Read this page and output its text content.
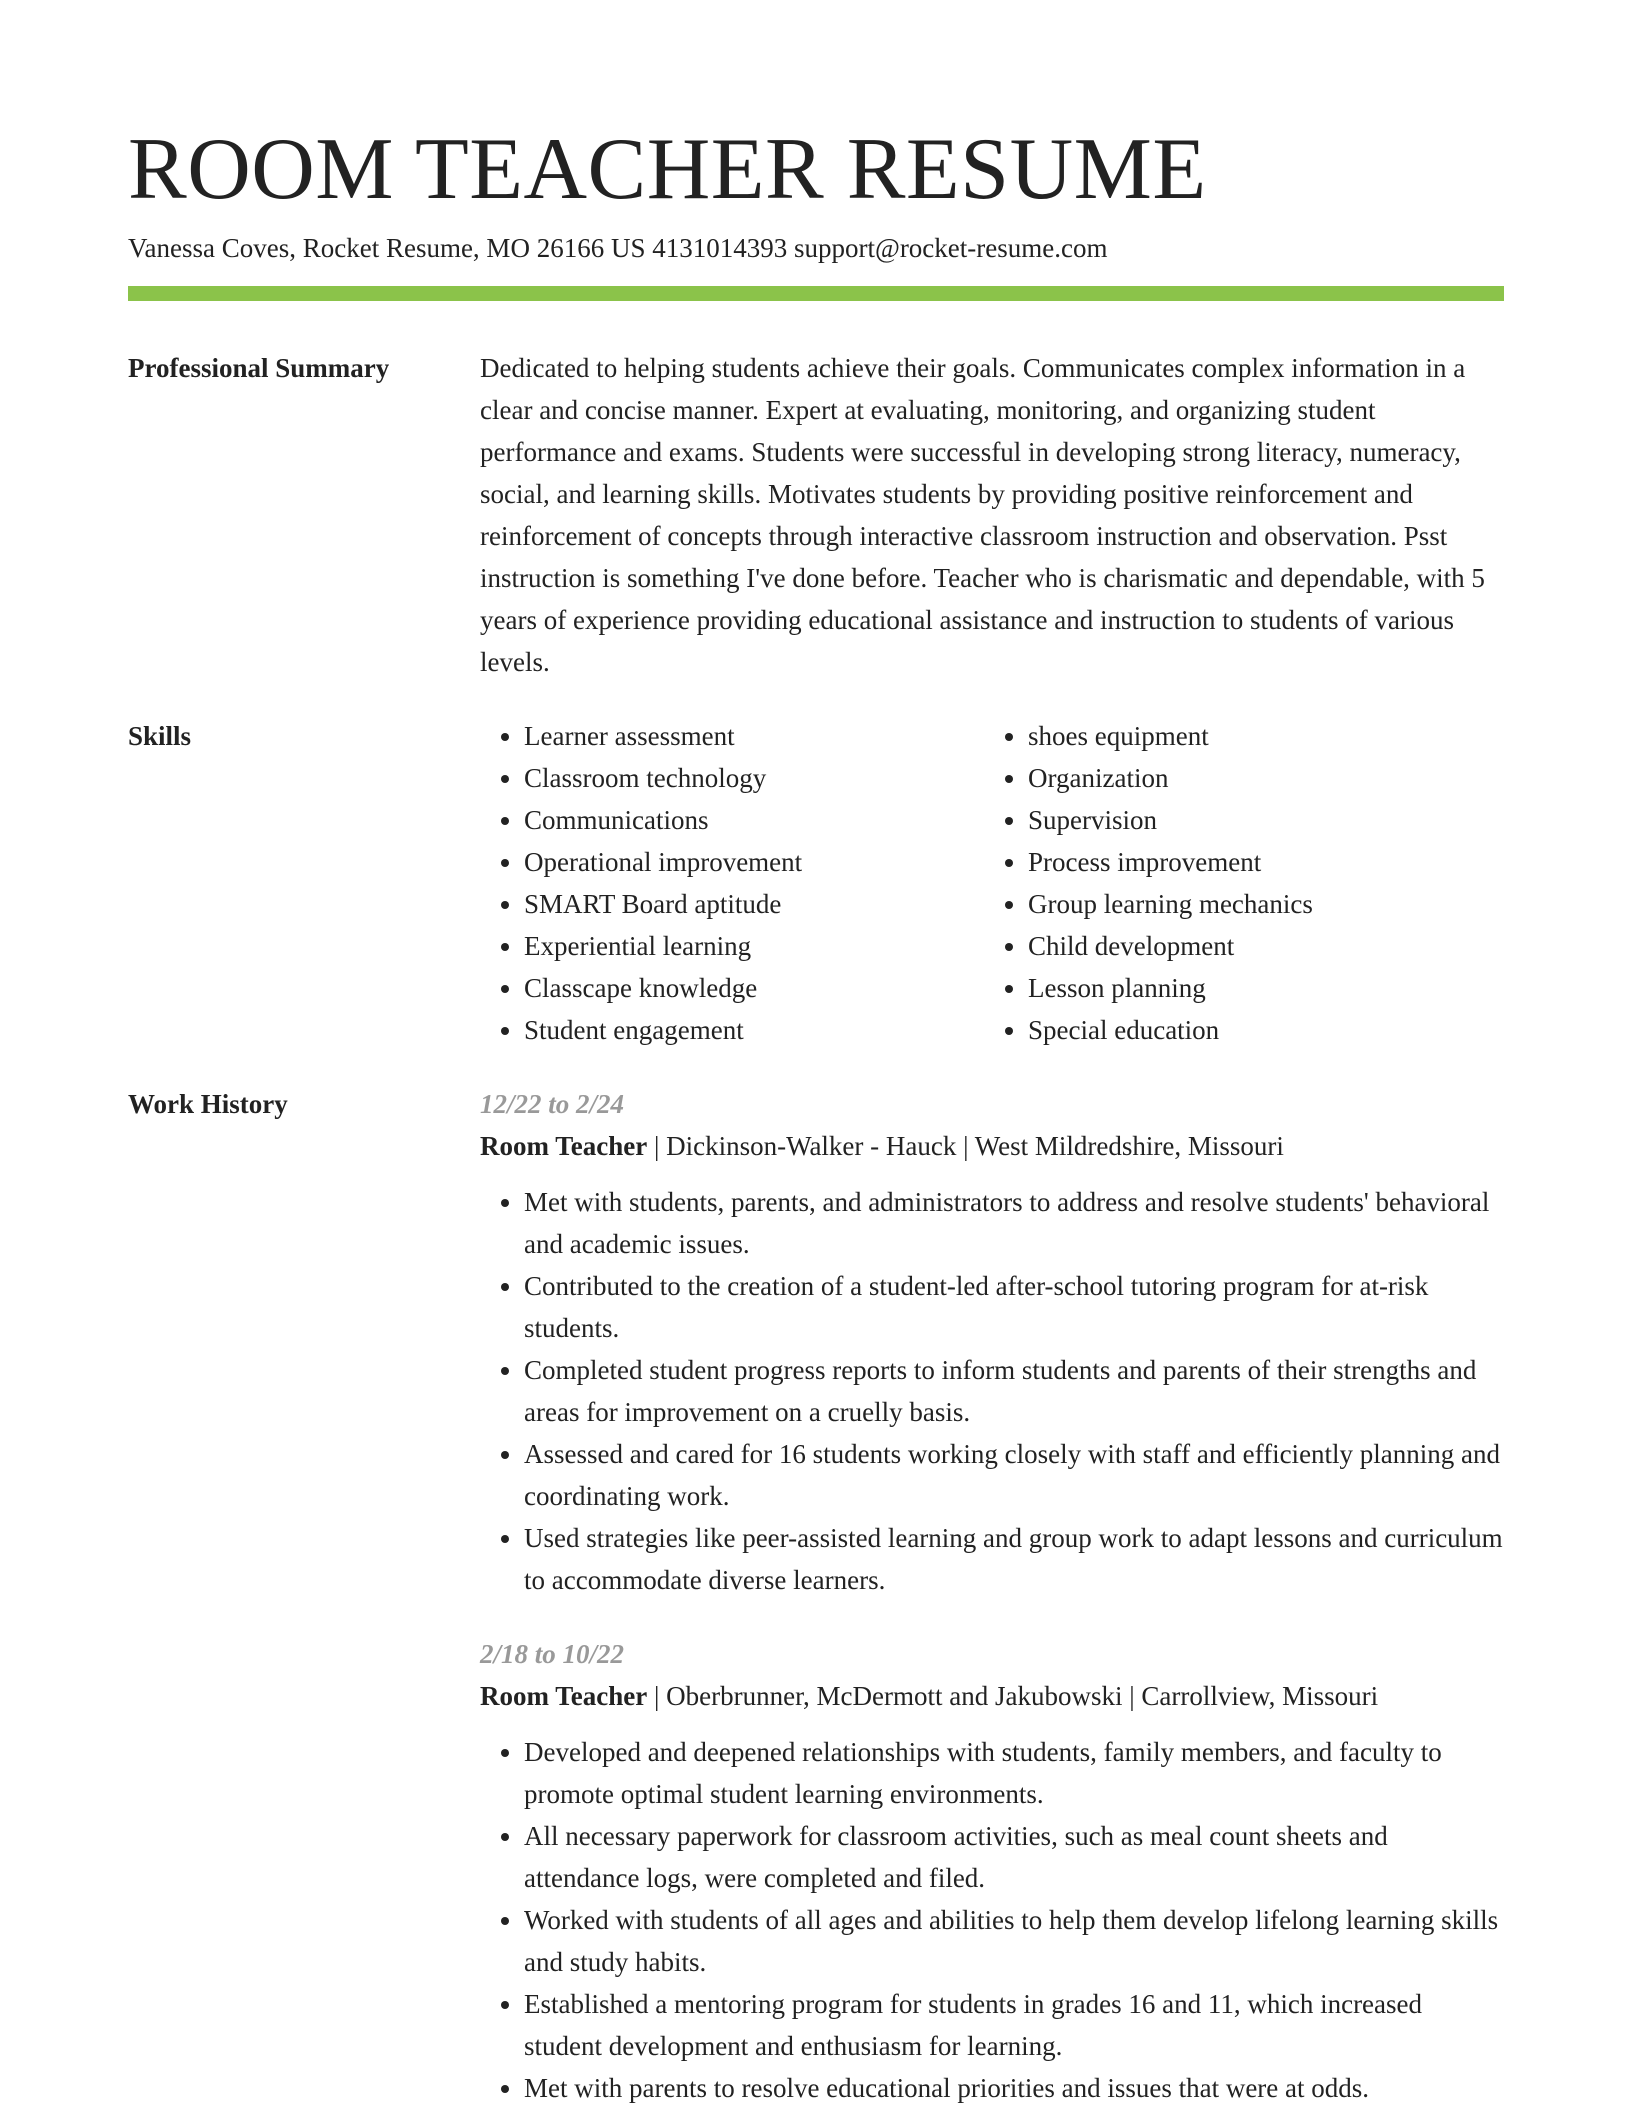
ROOM TEACHER RESUME
Vanessa Coves, Rocket Resume, MO 26166 US 4131014393 support@rocket-resume.com
Professional Summary	Dedicated to helping students achieve their goals. Communicates complex information in a clear and concise manner. Expert at evaluating, monitoring, and organizing student performance and exams. Students were successful in developing strong literacy, numeracy, social, and learning skills. Motivates students by providing positive reinforcement and reinforcement of concepts through interactive classroom instruction and observation. Psst instruction is something I've done before. Teacher who is charismatic and dependable, with 5 years of experience providing educational assistance and instruction to students of various levels.

Skills
•	Learner assessment
• Classroom technology
• Communications
• Operational improvement
• SMART Board aptitude
• Experiential learning
• Classcape knowledge
• Student engagement
• shoes equipment
• Organization
• Supervision
• Process improvement
• Group learning mechanics
• Child development
• Lesson planning
• Special education
Work History	12/22 to 2/24
Room Teacher | Dickinson-Walker - Hauck | West Mildredshire, Missouri
• Met with students, parents, and administrators to address and resolve students' behavioral and academic issues.
• Contributed to the creation of a student-led after-school tutoring program for at-risk students.
• Completed student progress reports to inform students and parents of their strengths and areas for improvement on a cruelly basis.
• Assessed and cared for 16 students working closely with staff and efficiently planning and coordinating work.
• Used strategies like peer-assisted learning and group work to adapt lessons and curriculum to accommodate diverse learners.
2/18 to 10/22
Room Teacher | Oberbrunner, McDermott and Jakubowski | Carrollview, Missouri
• Developed and deepened relationships with students, family members, and faculty to promote optimal student learning environments.
• All necessary paperwork for classroom activities, such as meal count sheets and attendance logs, were completed and filed.
• Worked with students of all ages and abilities to help them develop lifelong learning skills and study habits.
• Established a mentoring program for students in grades 16 and 11, which increased student development and enthusiasm for learning.
• Met with parents to resolve educational priorities and issues that were at odds.
